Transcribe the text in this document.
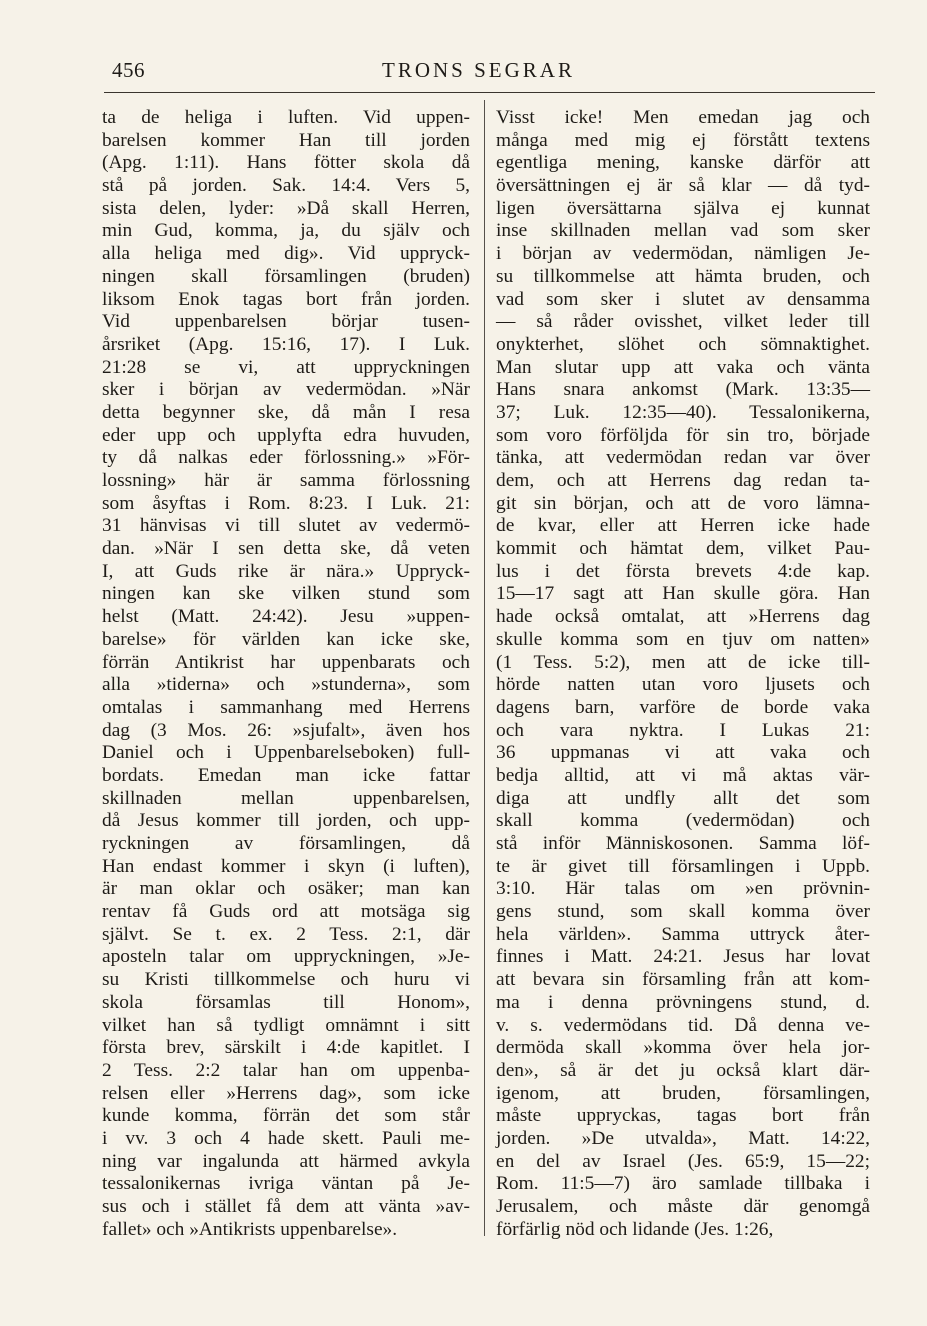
456	TRONS SEGRAR
ta de heliga i luften. Vid uppen-
barelsen kommer Han till jorden
(Apg. 1:11). Hans fötter skola då
stå på jorden. Sak. 14:4. Vers 5,
sista delen, lyder: »Då skall Herren,
min Gud, komma, ja, du själv och
alla heliga med dig». Vid uppryck-
ningen skall församlingen (bruden)
liksom Enok tagas bort från jorden.
Vid uppenbarelsen börjar tusen-
årsriket (Apg. 15:16, 17). I Luk.
21:28 se vi, att uppryckningen
sker i början av vedermödan. »När
detta begynner ske, då mån I resa
eder upp och upplyfta edra huvuden,
ty då nalkas eder förlossning.» »För-
lossning» här är samma förlossning
som åsyftas i Rom. 8:23. I Luk. 21:
31 hänvisas vi till slutet av vedermö-
dan. »När I sen detta ske, då veten
I, att Guds rike är nära.» Uppryck-
ningen kan ske vilken stund som
helst (Matt. 24:42). Jesu »uppen-
barelse» för världen kan icke ske,
förrän Antikrist har uppenbarats och
alla »tiderna» och »stunderna», som
omtalas i sammanhang med Herrens
dag (3 Mos. 26: »sjufalt», även hos
Daniel och i Uppenbarelseboken) full-
bordats. Emedan man icke fattar
skillnaden mellan uppenbarelsen,
då Jesus kommer till jorden, och upp-
ryckningen av församlingen, då
Han endast kommer i skyn (i luften),
är man oklar och osäker; man kan
rentav få Guds ord att motsäga sig
självt. Se t. ex. 2 Tess. 2:1, där
aposteln talar om uppryckningen, »Je-
su Kristi tillkommelse och huru vi
skola församlas till Honom»,
vilket han så tydligt omnämnt i sitt
första brev, särskilt i 4:de kapitlet. I
2 Tess. 2:2 talar han om uppenba-
relsen eller »Herrens dag», som icke
kunde komma, förrän det som står
i vv. 3 och 4 hade skett. Pauli me-
ning var ingalunda att härmed avkyla
tessalonikernas ivriga väntan på Je-
sus och i stället få dem att vänta »av-
fallet» och »Antikrists uppenbarelse».
Visst icke! Men emedan jag och
många med mig ej förstått textens
egentliga mening, kanske därför att
översättningen ej är så klar — då tyd-
ligen översättarna själva ej kunnat
inse skillnaden mellan vad som sker
i början av vedermödan, nämligen Je-
su tillkommelse att hämta bruden, och
vad som sker i slutet av densamma
— så råder ovisshet, vilket leder till
onykterhet, slöhet och sömnaktighet.
Man slutar upp att vaka och vänta
Hans snara ankomst (Mark. 13:35—
37; Luk. 12:35—40). Tessalonikerna,
som voro förföljda för sin tro, började
tänka, att vedermödan redan var över
dem, och att Herrens dag redan ta-
git sin början, och att de voro lämna-
de kvar, eller att Herren icke hade
kommit och hämtat dem, vilket Pau-
lus i det första brevets 4:de kap.
15—17 sagt att Han skulle göra. Han
hade också omtalat, att »Herrens dag
skulle komma som en tjuv om natten»
(1 Tess. 5:2), men att de icke till-
hörde natten utan voro ljusets och
dagens barn, varföre de borde vaka
och vara nyktra. I Lukas 21:
36 uppmanas vi att vaka och
bedja alltid, att vi må aktas vär-
diga att undfly allt det som
skall komma (vedermödan) och
stå inför Människosonen. Samma löf-
te är givet till församlingen i Uppb.
3:10. Här talas om »en prövnin-
gens stund, som skall komma över
hela världen». Samma uttryck åter-
finnes i Matt. 24:21. Jesus har lovat
att bevara sin församling från att kom-
ma i denna prövningens stund, d.
v. s. vedermödans tid. Då denna ve-
dermöda skall »komma över hela jor-
den», så är det ju också klart där-
igenom, att bruden, församlingen,
måste uppryckas, tagas bort från
jorden. »De utvalda», Matt. 14:22,
en del av Israel (Jes. 65:9, 15—22;
Rom. 11:5—7) äro samlade tillbaka i
Jerusalem, och måste där genomgå
förfärlig nöd och lidande (Jes. 1:26,
